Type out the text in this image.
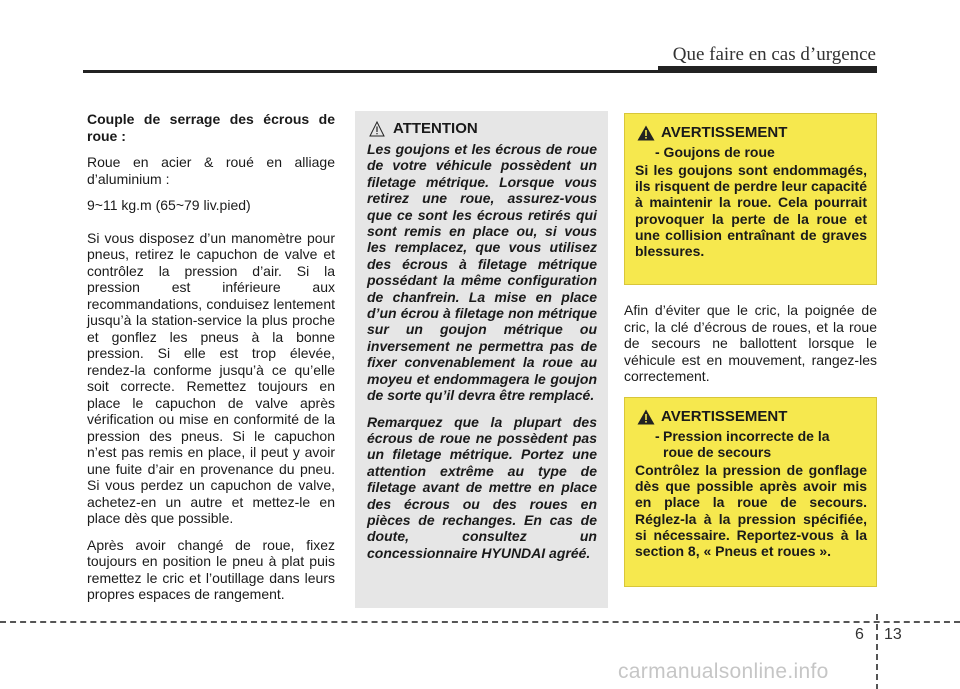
Que faire en cas d’urgence

Couple de serrage des écrous de roue :

Roue en acier & roué en alliage d’aluminium :

9~11 kg.m (65~79 liv.pied)

Si vous disposez d’un manomètre pour pneus, retirez le capuchon de valve et contrôlez la pression d’air. Si la pression est inférieure aux recommandations, conduisez lentement jusqu’à la station-service la plus proche et gonflez les pneus à la bonne pression. Si elle est trop élevée, rendez-la conforme jusqu’à ce qu’elle soit correcte. Remettez toujours en place le capuchon de valve après vérification ou mise en conformité de la pression des pneus. Si le capuchon n’est pas remis en place, il peut y avoir une fuite d’air en provenance du pneu. Si vous perdez un capuchon de valve, achetez-en un autre et mettez-le en place dès que possible.

Après avoir changé de roue, fixez toujours en position le pneu à plat puis remettez le cric et l’outillage dans leurs propres espaces de rangement.

ATTENTION

Les goujons et les écrous de roue de votre véhicule possèdent un filetage métrique. Lorsque vous retirez une roue, assurez-vous que ce sont les écrous retirés qui sont remis en place ou, si vous les remplacez, que vous utilisez des écrous à filetage métrique possédant la même configuration de chanfrein. La mise en place d’un écrou à filetage non métrique sur un goujon métrique ou inversement ne permettra pas de fixer convenablement la roue au moyeu et endommagera le goujon de sorte qu’il devra être remplacé.

Remarquez que la plupart des écrous de roue ne possèdent pas un filetage métrique. Portez une attention extrême au type de filetage avant de mettre en place des écrous ou des roues en pièces de rechanges. En cas de doute, consultez un concessionnaire HYUNDAI agréé.

AVERTISSEMENT
- Goujons de roue
Si les goujons sont endommagés, ils risquent de perdre leur capacité à maintenir la roue. Cela pourrait provoquer la perte de la roue et une collision entraînant de graves blessures.

Afin d’éviter que le cric, la poignée de cric, la clé d’écrous de roues, et la roue de secours ne ballottent lorsque le véhicule est en mouvement, rangez-les correctement.

AVERTISSEMENT
- Pression incorrecte de la roue de secours
Contrôlez la pression de gonflage dès que possible après avoir mis en place la roue de secours. Réglez-la à la pression spécifiée, si nécessaire. Reportez-vous à la section 8, « Pneus et roues ».
6 13
carmanualsonline.info
